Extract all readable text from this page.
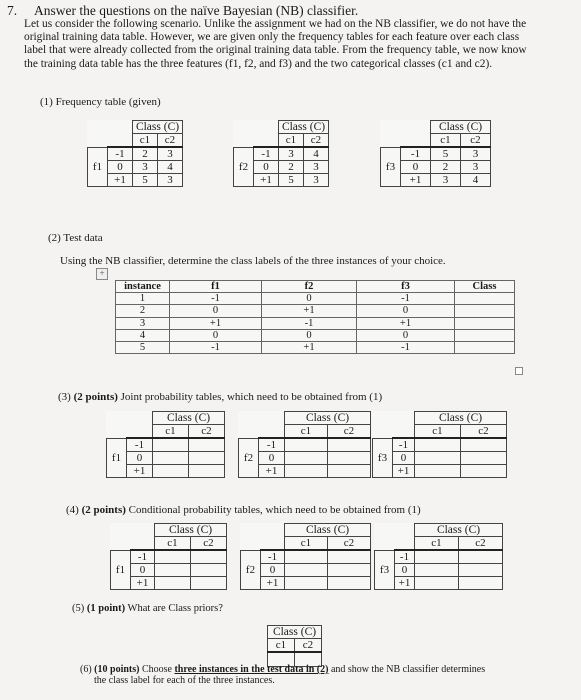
7. Answer the questions on the naïve Bayesian (NB) classifier.
Let us consider the following scenario. Unlike the assignment we had on the NB classifier, we do not have the
original training data table. However, we are given only the frequency tables for each feature over each class
label that were already collected from the original training data table. From the frequency table, we now know
the training data table has the three features (f1, f2, and f3) and the two categorical classes (c1 and c2).
(1) Frequency table (given)
		Class (C)	
		c1	c2
f1	-1	2	3
	0	3	4
	+1	5	3
		Class (C)	
		c1	c2
f2	-1	3	4
	0	2	3
	+1	5	3
		Class (C)	
		c1	c2
f3	-1	5	3
	0	2	3
	+1	3	4
(2) Test data
Using the NB classifier, determine the class labels of the three instances of your choice.
+
instance	f1	f2	f3	Class
1	-1	0	-1	
2	0	+1	0	
3	+1	-1	+1	
4	0	0	0	
5	-1	+1	-1	
(3) (2 points) Joint probability tables, which need to be obtained from (1)
		Class (C)	
		c1	c2
f1	-1		
	0		
	+1		
		Class (C)	
		c1	c2
f2	-1		
	0		
	+1		
		Class (C)	
		c1	c2
f3	-1		
	0		
	+1		
(4) (2 points) Conditional probability tables, which need to be obtained from (1)
		Class (C)	
		c1	c2
f1	-1		
	0		
	+1		
		Class (C)	
		c1	c2
f2	-1		
	0		
	+1		
		Class (C)	
		c1	c2
f3	-1		
	0		
	+1		
(5) (1 point) What are Class priors?
Class (C)	
c1	c2

(6) (10 points) Choose three instances in the test data in (2) and show the NB classifier determines
the class label for each of the three instances.
